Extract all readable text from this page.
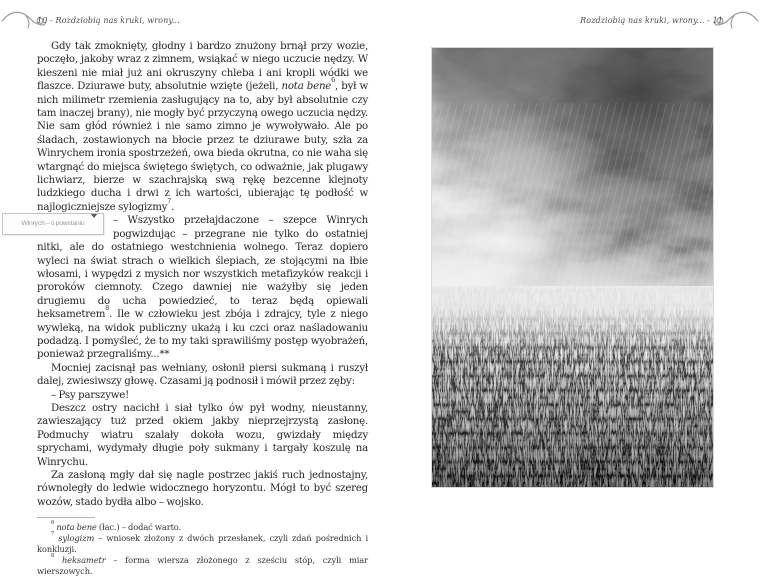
10 - Rozdziobią nas kruki, wrony...

Gdy tak zmoknięty, głodny i bardzo znużony brnął przy wozie, poczęło, jakoby wraz z zimnem, wsiąkać w niego uczucie nędzy. W kieszeni nie miał już ani okruszyny chleba i ani kropli wódki we flaszce. Dziurawe buty, absolutnie wzięte (jeżeli, nota bene$^6$, był w nich milimetr rzemienia zasługujący na to, aby był absolutnie czy tam inaczej brany), nie mogły być przyczyną owego uczucia nędzy. Nie sam głód również i nie samo zimno je wywoływało. Ale po śladach, zostawionych na błocie przez te dziurawe buty, szła za Winrychem ironia spostrzeżeń, owa bieda okrutna, co nie waha się wtargnąć do miejsca świętego świętych, co odważnie, jak plugawy lichwiarz, bierze w szachrajską swą rękę bezcenne klejnoty ludzkiego ducha i drwi z ich wartości, ubierając tę podłość w najlogiczniejsze sylogizmy$^7$.

Winrych – o powstaniu	– Wszystko przełajdaczone – szepce Winrych pogwizdując – przegrane nie tylko do ostatniej nitki, ale do ostatniego westchnienia wolnego. Teraz dopiero wyleci na świat strach o wielkich ślepiach, ze stojącymi na łbie włosami, i wypędzi z mysich nor wszystkich metafizyków reakcji i proroków ciemnoty. Czego dawniej nie ważyłby się jeden drugiemu do ucha powiedzieć, to teraz będą opiewali heksametrem$^8$. Ile w człowieku jest zbója i zdrajcy, tyle z niego wywleką, na widok publiczny ukażą i ku czci oraz naśladowaniu podadzą. I pomyśleć, że to my taki sprawiliśmy postęp wyobrażeń, ponieważ przegraliśmy...**

Mocniej zacisnął pas wełniany, osłonił piersi sukmaną i ruszył dalej, zwiesiwszy głowę. Czasami ją podnosił i mówił przez zęby:

– Psy parszywe!

Deszcz ostry nacichł i siał tylko ów pył wodny, nieustanny, zawieszający tuż przed okiem jakby nieprzejrzystą zasłonę. Podmuchy wiatru szalały dokoła wozu, gwizdały między sprychami, wydymały długie poły sukmany i targały koszulę na Winrychu.

Za zasłoną mgły dał się nagle postrzec jakiś ruch jednostajny, równoległy do ledwie widocznego horyzontu. Mógł to być szereg wozów, stado bydła albo – wojsko.

$^6$ nota bene (łac.) – dodać warto.
$^7$ sylogizm – wniosek złożony z dwóch przesłanek, czyli zdań pośrednich i konkluzji.
$^8$ heksametr – forma wiersza złożonego z sześciu stóp, czyli miar wierszowych.
Rozdziobią nas kruki, wrony... - 11
